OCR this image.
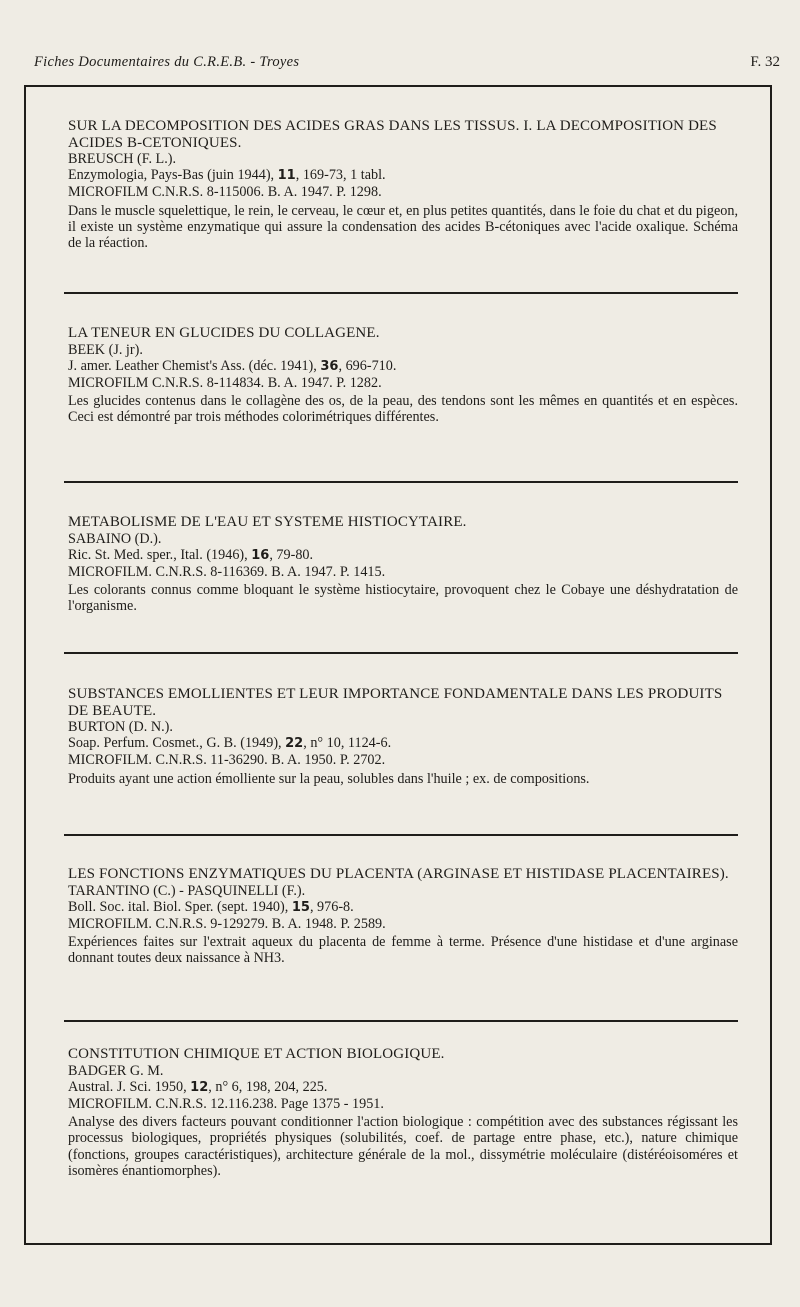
Fiches Documentaires du C.R.E.B. - Troyes	F. 32
SUR LA DECOMPOSITION DES ACIDES GRAS DANS LES TISSUS. I. LA DECOMPOSITION DES ACIDES B-CETONIQUES.
BREUSCH (F. L.).
Enzymologia, Pays-Bas (juin 1944), 11, 169-73, 1 tabl.
MICROFILM C.N.R.S. 8-115006. B. A. 1947. P. 1298.
Dans le muscle squelettique, le rein, le cerveau, le cœur et, en plus petites quantités, dans le foie du chat et du pigeon, il existe un système enzymatique qui assure la condensation des acides B-cétoniques avec l'acide oxalique. Schéma de la réaction.
LA TENEUR EN GLUCIDES DU COLLAGENE.
BEEK (J. jr).
J. amer. Leather Chemist's Ass. (déc. 1941), 36, 696-710.
MICROFILM C.N.R.S. 8-114834. B. A. 1947. P. 1282.
Les glucides contenus dans le collagène des os, de la peau, des tendons sont les mêmes en quantités et en espèces. Ceci est démontré par trois méthodes colorimétriques différentes.
METABOLISME DE L'EAU ET SYSTEME HISTIOCYTAIRE.
SABAINO (D.).
Ric. St. Med. sper., Ital. (1946), 16, 79-80.
MICROFILM. C.N.R.S. 8-116369. B. A. 1947. P. 1415.
Les colorants connus comme bloquant le système histiocytaire, provoquent chez le Cobaye une déshydratation de l'organisme.
SUBSTANCES EMOLLIENTES ET LEUR IMPORTANCE FONDAMENTALE DANS LES PRODUITS DE BEAUTE.
BURTON (D. N.).
Soap. Perfum. Cosmet., G. B. (1949), 22, n° 10, 1124-6.
MICROFILM. C.N.R.S. 11-36290. B. A. 1950. P. 2702.
Produits ayant une action émolliente sur la peau, solubles dans l'huile ; ex. de compositions.
LES FONCTIONS ENZYMATIQUES DU PLACENTA (ARGINASE ET HISTIDASE PLACENTAIRES).
TARANTINO (C.) - PASQUINELLI (F.).
Boll. Soc. ital. Biol. Sper. (sept. 1940), 15, 976-8.
MICROFILM. C.N.R.S. 9-129279. B. A. 1948. P. 2589.
Expériences faites sur l'extrait aqueux du placenta de femme à terme. Présence d'une histidase et d'une arginase donnant toutes deux naissance à NH3.
CONSTITUTION CHIMIQUE ET ACTION BIOLOGIQUE.
BADGER G. M.
Austral. J. Sci. 1950, 12, n° 6, 198, 204, 225.
MICROFILM. C.N.R.S. 12.116.238. Page 1375 - 1951.
Analyse des divers facteurs pouvant conditionner l'action biologique : compétition avec des substances régissant les processus biologiques, propriétés physiques (solubilités, coef. de partage entre phase, etc.), nature chimique (fonctions, groupes caractéristiques), architecture générale de la mol., dissymétrie moléculaire (distéréoisoméres et isomères énantiomorphes).
